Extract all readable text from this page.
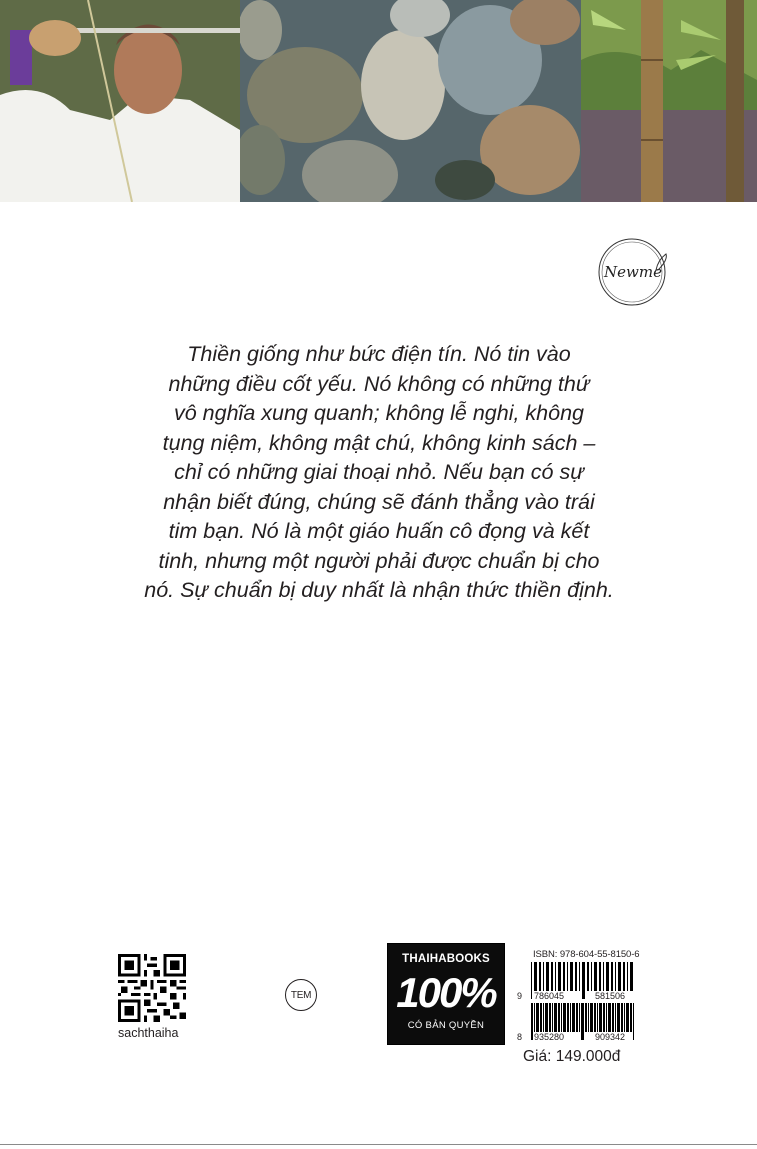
Newme
Thiền giống như bức điện tín. Nó tin vào
những điều cốt yếu. Nó không có những thứ
vô nghĩa xung quanh; không lễ nghi, không
tụng niệm, không mật chú, không kinh sách –
chỉ có những giai thoại nhỏ. Nếu bạn có sự
nhận biết đúng, chúng sẽ đánh thẳng vào trái
tim bạn. Nó là một giáo huấn cô đọng và kết
tinh, nhưng một người phải được chuẩn bị cho
nó. Sự chuẩn bị duy nhất là nhận thức thiền định.
sachthaiha
TEM
THAIHABOOKS
100%
CÓ BẢN QUYỀN
ISBN: 978-604-55-8150-6
9 786045	581506
8 935280	909342
Giá: 149.000đ
